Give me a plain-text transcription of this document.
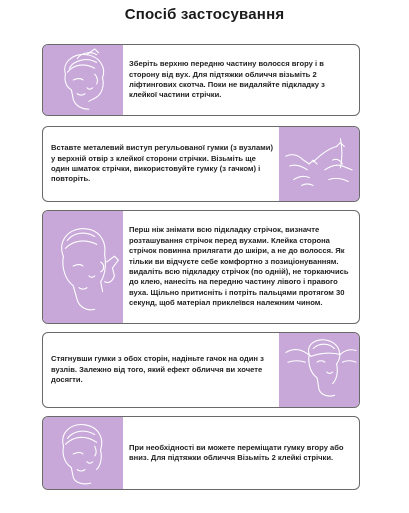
Спосіб застосування
Зберіть верхню передню частину волосся вгору і в сторону від вух. Для підтяжки обличчя візьміть 2 ліфтингових скотча. Поки не видаляйте підкладку з клейкої частини стрічки.
Вставте металевий виступ регульованої гумки (з вузлами) у верхній отвір з клейкої сторони стрічки. Візьміть ще один шматок стрічки, використовуйте гумку (з гачком) і повторіть.
Перш ніж знімати всю підкладку стрічок, визначте розташування стрічок перед вухами. Клейка сторона стрічок повинна прилягати до шкіри, а не до волосся. Як тільки ви відчуєте себе комфортно з позиціонуванням. видаліть всю підкладку стрічок (по одній), не торкаючись до клею, нанесіть на передню частину лівого і правого вуха. Щільно притисніть і потріть пальцями протягом 30 секунд, щоб матеріал приклеївся належним чином.
Стягнувши гумки з обох сторін, надіньте гачок на один з вузлів. Залежно від того, який ефект обличчя ви хочете досягти.
При необхідності ви можете переміщати гумку вгору або вниз. Для підтяжки обличчя Візьміть 2 клейкі стрічки.
